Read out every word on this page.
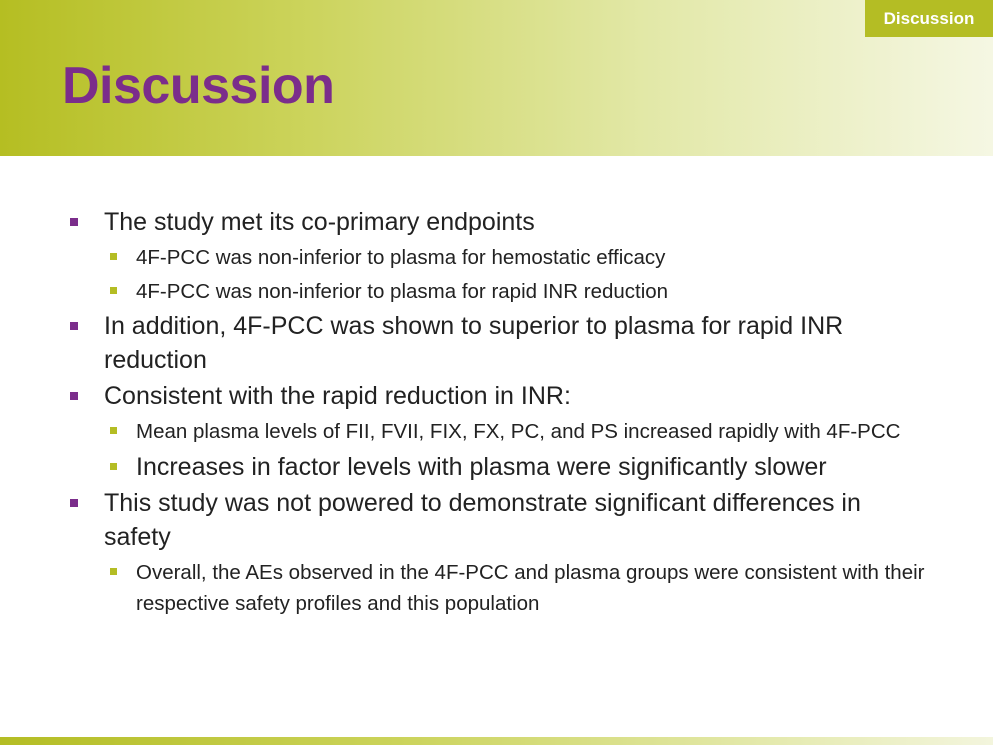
Discussion
Discussion
The study met its co-primary endpoints
4F-PCC was non-inferior to plasma for hemostatic efficacy
4F-PCC was non-inferior to plasma for rapid INR reduction
In addition, 4F-PCC was shown to superior to plasma for rapid INR reduction
Consistent with the rapid reduction in INR:
Mean plasma levels of FII, FVII, FIX, FX, PC, and PS increased rapidly with 4F-PCC
Increases in factor levels with plasma were significantly slower
This study was not powered to demonstrate significant differences in safety
Overall, the AEs observed in the 4F-PCC and plasma groups were consistent with their respective safety profiles and this population
